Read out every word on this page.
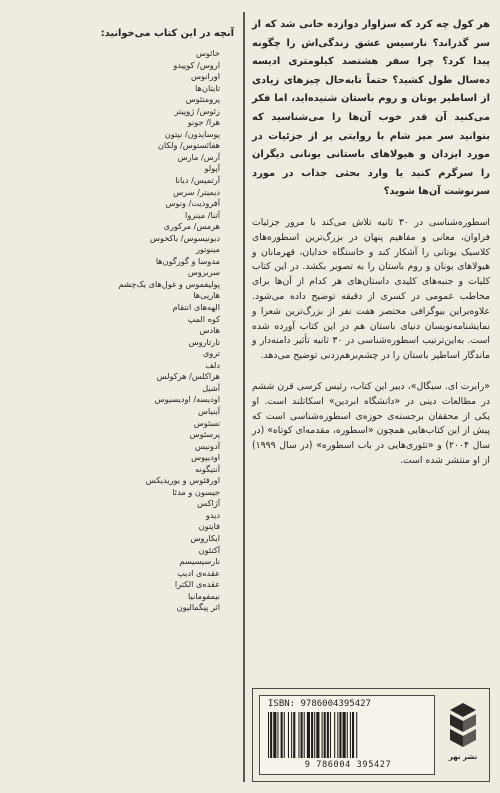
هر کول چه کرد که سزاوار دوازده خانی شد که از سر گذراند؟ نارسیس عشق زندگی‌اش را چگونه پیدا کرد؟ چرا سفر هشتصد کیلومتری ادیسه ده‌سال طول کشید؟ حتماً تابه‌حال چیزهای زیادی از اساطیر یونان و روم باستان شنیده‌اید، اما فکر می‌کنید آن قدر خوب آن‌ها را می‌شناسید که بتوانید سر میز شام با روایتی پر از جزئیات در مورد ایزدان و هیولاهای باستانی یونانی دیگران را سرگرم کنید یا وارد بحثی جذاب در مورد سرنوشت آن‌ها شوید؟

اسطوره‌شناسی در ۳۰ ثانیه تلاش می‌کند با مرور جزئیات فراوان، معانی و مفاهیم پنهان در بزرگ‌ترین اسطوره‌های کلاسیک یونانی را آشکار کند و خاستگاه خدایان، قهرمانان و هیولاهای یونان و روم باستان را به تصویر بکشد. در این کتاب کلیات و جنبه‌های کلیدی داستان‌های هر کدام از آن‌ها برای مخاطب عمومی در کسری از دقیقه توضیح داده می‌شود. علاوه‌براین بیوگرافی مختصر هفت نفر از بزرگ‌ترین شعرا و نمایشنامه‌نویسان دنیای باستان هم در این کتاب آورده شده است. به‌این‌ترتیب اسطوره‌شناسی در ۳۰ ثانیه تأثیر دامنه‌دار و ماندگار اساطیر باستان را در چشم‌برهم‌زدنی توضیح می‌دهد.

«رابرت ای. سیگال»، دبیر این کتاب، رئیس کرسی قرن ششم در مطالعات دینی در «دانشگاه ابردین» اسکاتلند است. او یکی از محققان برجسته‌ی حوزه‌ی اسطوره‌شناسی است که پیش از این کتاب‌هایی همچون «اسطوره، مقدمه‌ای کوتاه» (در سال ۲۰۰۴) و «تئوری‌هایی در باب اسطوره» (در سال ۱۹۹۹) از او منتشر شده است.

آنچه در این کتاب می‌خوانید:
خائوس
اروس/ کوپیدو
اورانوس
تایتان‌ها
پرومتئوس
زئوس/ ژوپیتر
هرا/ جونو
پوسایدون/ نپتون
هفائستوس/ ولکان
آرس/ مارس
آپولو
آرتمیس/ دیانا
دیمیتر/ سرس
آفرودیت/ ونوس
آتنا/ مینروا
هرمس/ مرکوری
دیونیسوس/ باکخوس
مینوتور
مدوسا و گورگون‌ها
سربروس
پولیفموس و غول‌های یک‌چشم
هارپی‌ها
الهه‌های انتقام
کوه المپ
هادس
تارتاروس
تروی
دلف
هراکلس/ هرکولس
آشیل
اودیسه/ اودیسیوس
آینیاس
تسئوس
پرسئوس
آدونیس
اودیپوس
آنتیگونه
اورفئوس و یوریدیکس
جیسون و مدئا
آژاکس
دیدو
فایتون
ایکاروس
آکتئون
نارسیسیسم
عقده‌ی ادیپ
عقده‌ی الکترا
نیمفومانیا
اثر پیگمالیون
ISBN: 9786004395427
9 786004 395427
نشر نهر
